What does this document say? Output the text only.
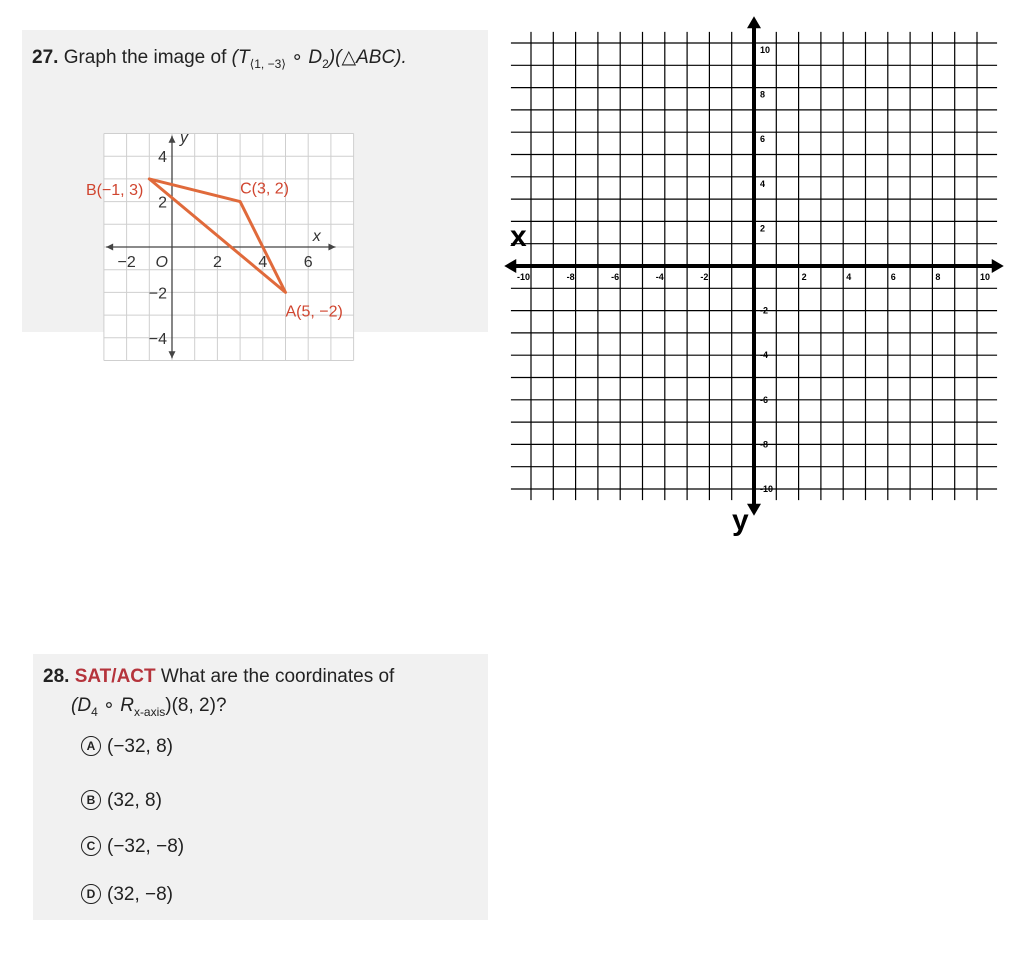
27. Graph the image of ($T_{⟨1, -3⟩}$ ∘ $D_2)(\triangle ABC)$.
−2	2 4 6
4
2
−2
−4
O
y
x
A(5, −2)
B(−1, 3)	C(3, 2)
-10	-8	-6	-4	-2	2	4	6	8	10
10
8
6
4
2
-2
-4
-6
-8
-10
x
y
28. SAT/ACT What are the coordinates of
($D_4$ ∘ $R_{x-axis})(8$, 2)?
A (−32, 8)
B (32, 8)
C (−32, −8)
D (32, −8)
